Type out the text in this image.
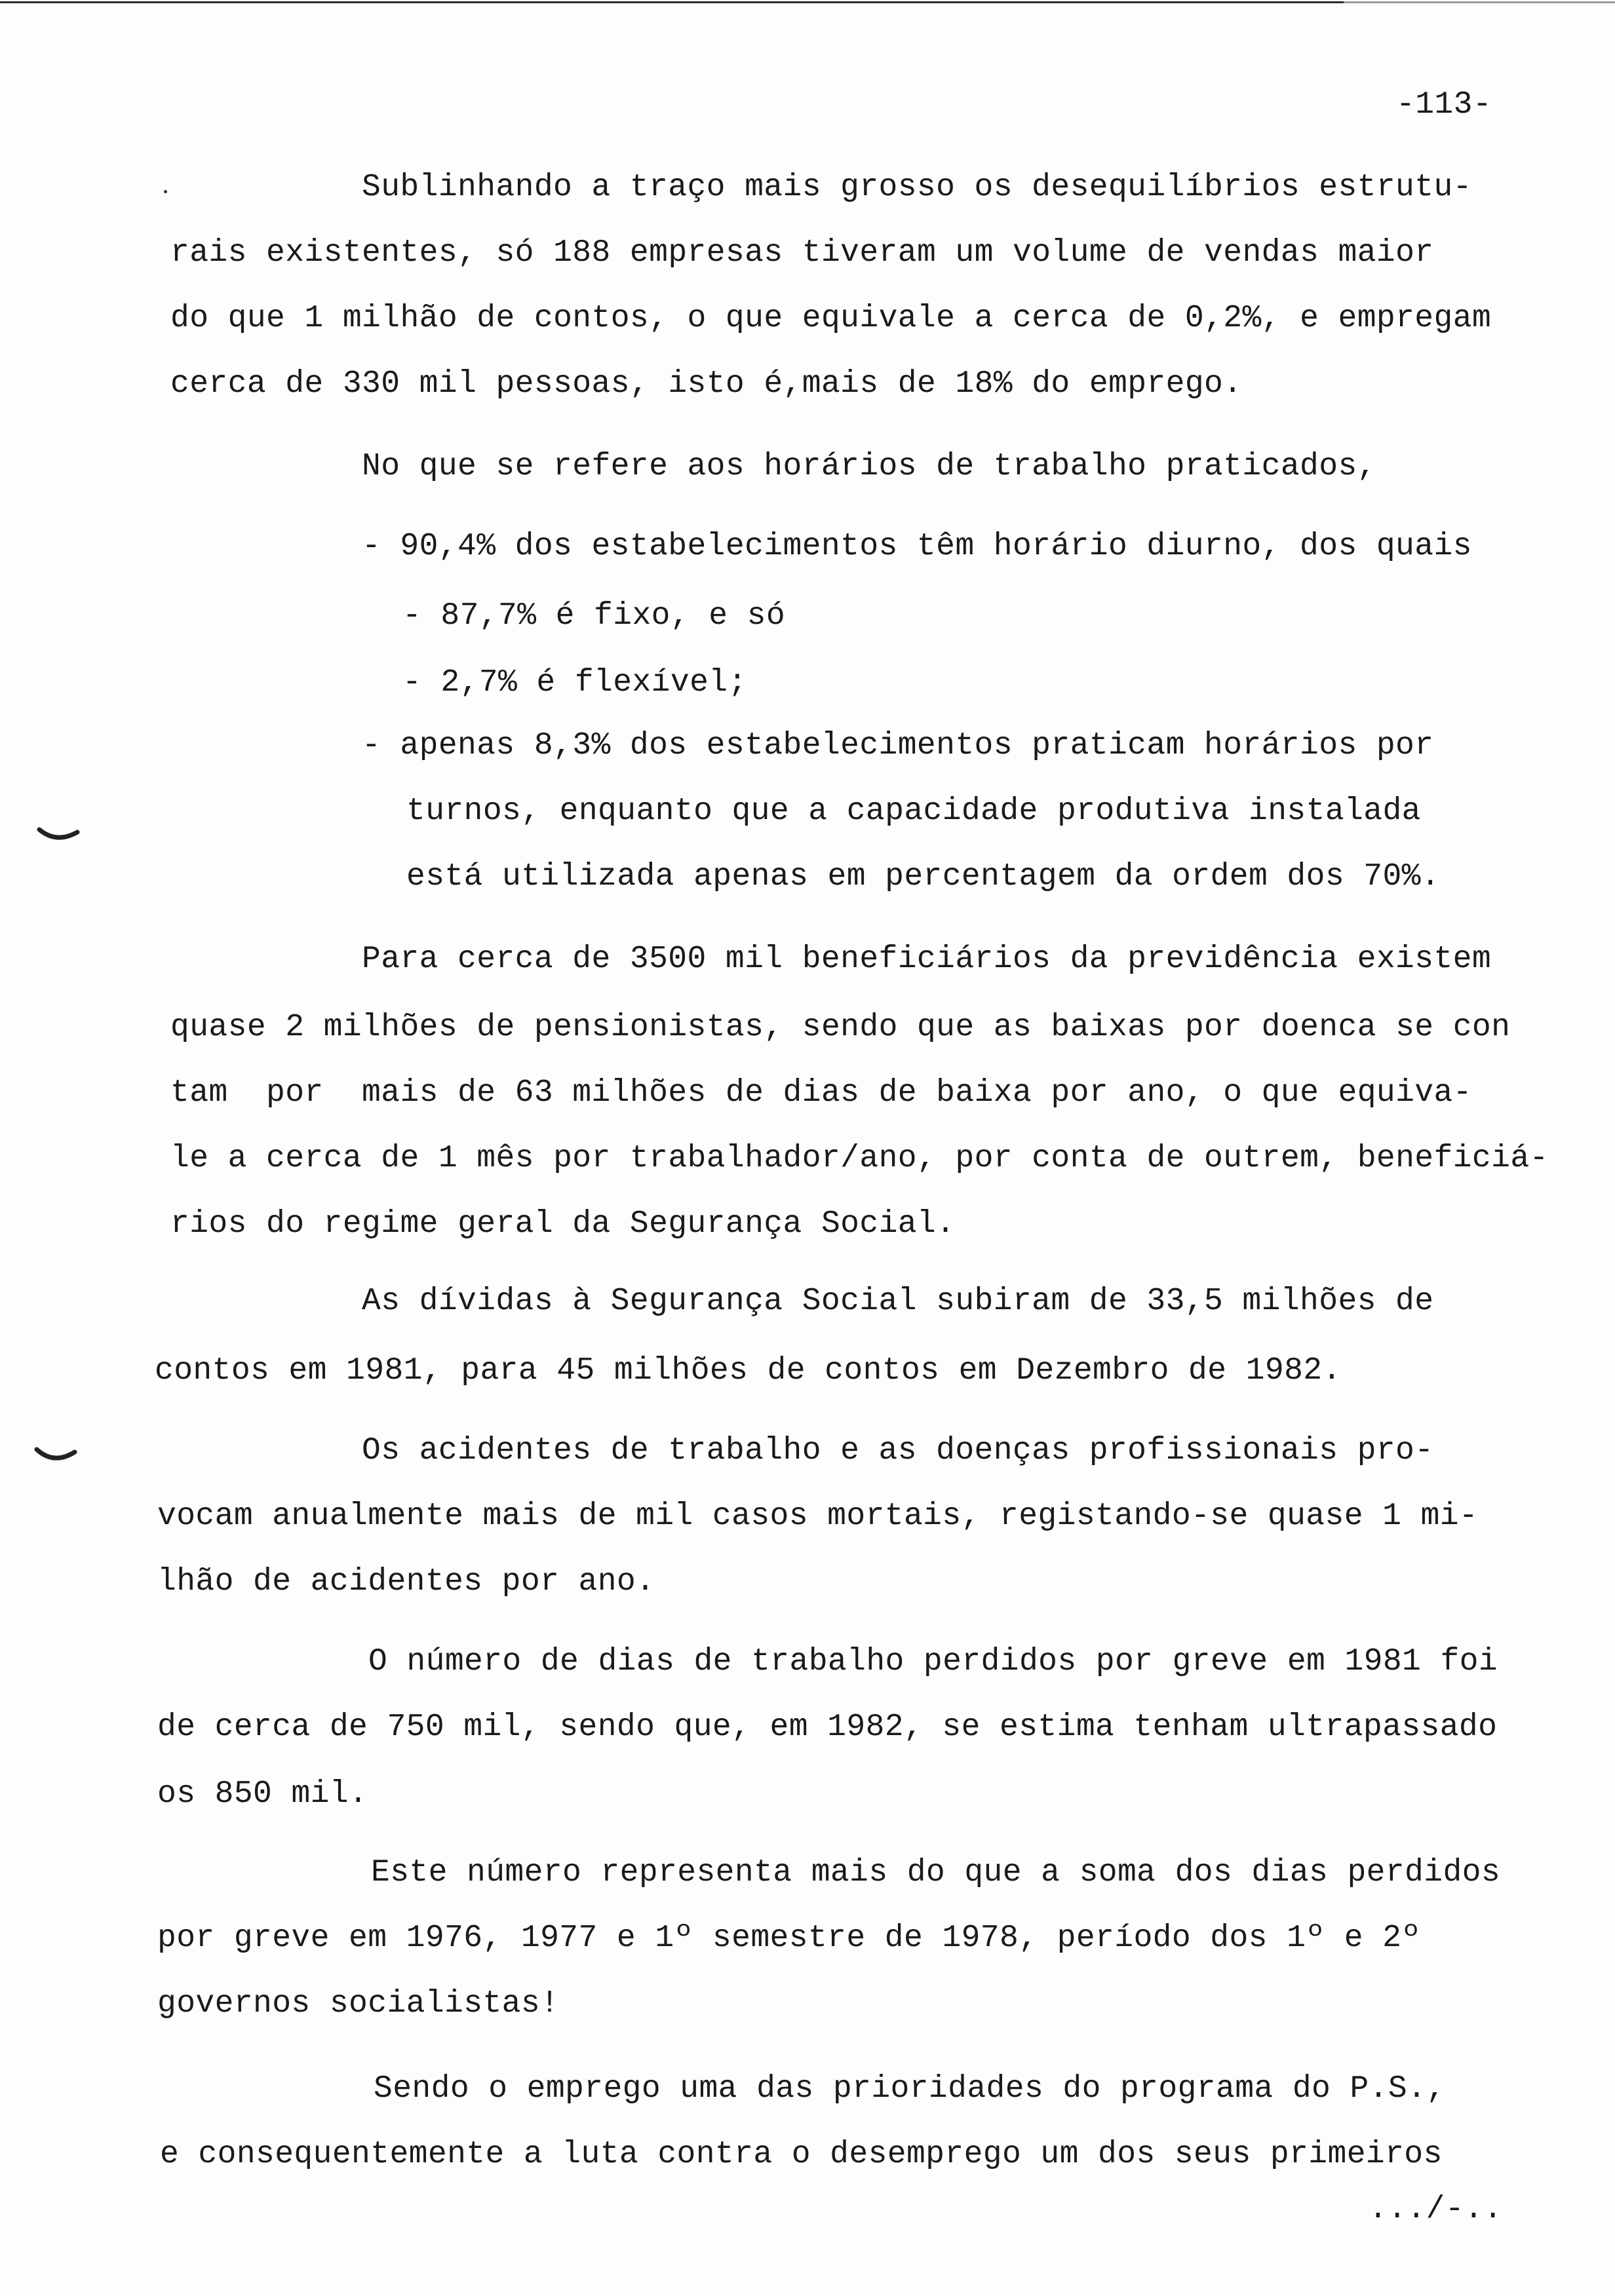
-113-
Sublinhando a traço mais grosso os desequilíbrios estrutu-
rais existentes, só 188 empresas tiveram um volume de vendas maior
do que 1 milhão de contos, o que equivale a cerca de 0,2%, e empregam
cerca de 330 mil pessoas, isto é,mais de 18% do emprego.
No que se refere aos horários de trabalho praticados,
- 90,4% dos estabelecimentos têm horário diurno, dos quais
- 87,7% é fixo, e só
- 2,7% é flexível;
- apenas 8,3% dos estabelecimentos praticam horários por
turnos, enquanto que a capacidade produtiva instalada
está utilizada apenas em percentagem da ordem dos 70%.
Para cerca de 3500 mil beneficiários da previdência existem
quase 2 milhões de pensionistas, sendo que as baixas por doenca se con
tam  por  mais de 63 milhões de dias de baixa por ano, o que equiva-
le a cerca de 1 mês por trabalhador/ano, por conta de outrem, beneficiá-
rios do regime geral da Segurança Social.
As dívidas à Segurança Social subiram de 33,5 milhões de
contos em 1981, para 45 milhões de contos em Dezembro de 1982.
Os acidentes de trabalho e as doenças profissionais pro-
vocam anualmente mais de mil casos mortais, registando-se quase 1 mi-
lhão de acidentes por ano.
O número de dias de trabalho perdidos por greve em 1981 foi
de cerca de 750 mil, sendo que, em 1982, se estima tenham ultrapassado
os 850 mil.
Este número representa mais do que a soma dos dias perdidos
por greve em 1976, 1977 e 1º semestre de 1978, período dos 1º e 2º
governos socialistas!
Sendo o emprego uma das prioridades do programa do P.S.,
e consequentemente a luta contra o desemprego um dos seus primeiros
.../-..
